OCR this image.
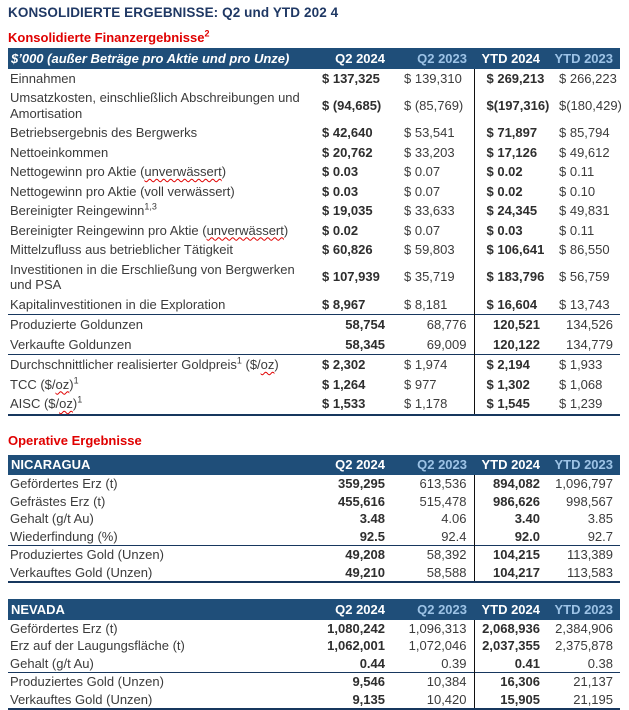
KONSOLIDIERTE ERGEBNISSE: Q2 und YTD 202 4
Konsolidierte Finanzergebnisse$^2$
$’000 (außer Beträge pro Aktie und pro Unze)	Q2 2024	Q2 2023	YTD 2024	YTD 2023
Einnahmen	$ 137,325	$ 139,310	$ 269,213	$ 266,223
Umsatzkosten, einschließlich Abschreibungen und Amortisation	$ (94,685)	$ (85,769)	$(197,316)	$(180,429)
Betriebsergebnis des Bergwerks	$ 42,640	$ 53,541	$ 71,897	$ 85,794
Nettoeinkommen	$ 20,762	$ 33,203	$ 17,126	$ 49,612
Nettogewinn pro Aktie (unverwässert)	$ 0.03	$ 0.07	$ 0.02	$ 0.11
Nettogewinn pro Aktie (voll verwässert)	$ 0.03	$ 0.07	$ 0.02	$ 0.10
Bereinigter Reingewinn$^{1,3}$	$ 19,035	$ 33,633	$ 24,345	$ 49,831
Bereinigter Reingewinn pro Aktie (unverwässert)	$ 0.02	$ 0.07	$ 0.03	$ 0.11
Mittelzufluss aus betrieblicher Tätigkeit	$ 60,826	$ 59,803	$ 106,641	$ 86,550
Investitionen in die Erschließung von Bergwerken und PSA	$ 107,939	$ 35,719	$ 183,796	$ 56,759
Kapitalinvestitionen in die Exploration	$ 8,967	$ 8,181	$ 16,604	$ 13,743
Produzierte Goldunzen	58,754	68,776	120,521	134,526
Verkaufte Goldunzen	58,345	69,009	120,122	134,779
Durchschnittlicher realisierter Goldpreis$^1$ ($/oz)	$ 2,302	$ 1,974	$ 2,194	$ 1,933
TCC ($/oz)$^1$	$ 1,264	$ 977	$ 1,302	$ 1,068
AISC ($/oz)$^1$	$ 1,533	$ 1,178	$ 1,545	$ 1,239
Operative Ergebnisse
NICARAGUA	Q2 2024	Q2 2023	YTD 2024	YTD 2023
Gefördertes Erz (t)	359,295	613,536	894,082	1,096,797
Gefrästes Erz (t)	455,616	515,478	986,626	998,567
Gehalt (g/t Au)	3.48	4.06	3.40	3.85
Wiederfindung (%)	92.5	92.4	92.0	92.7
Produziertes Gold (Unzen)	49,208	58,392	104,215	113,389
Verkauftes Gold (Unzen)	49,210	58,588	104,217	113,583
NEVADA	Q2 2024	Q2 2023	YTD 2024	YTD 2023
Gefördertes Erz (t)	1,080,242	1,096,313	2,068,936	2,384,906
Erz auf der Laugungsfläche (t)	1,062,001	1,072,046	2,037,355	2,375,878
Gehalt (g/t Au)	0.44	0.39	0.41	0.38
Produziertes Gold (Unzen)	9,546	10,384	16,306	21,137
Verkauftes Gold (Unzen)	9,135	10,420	15,905	21,195
